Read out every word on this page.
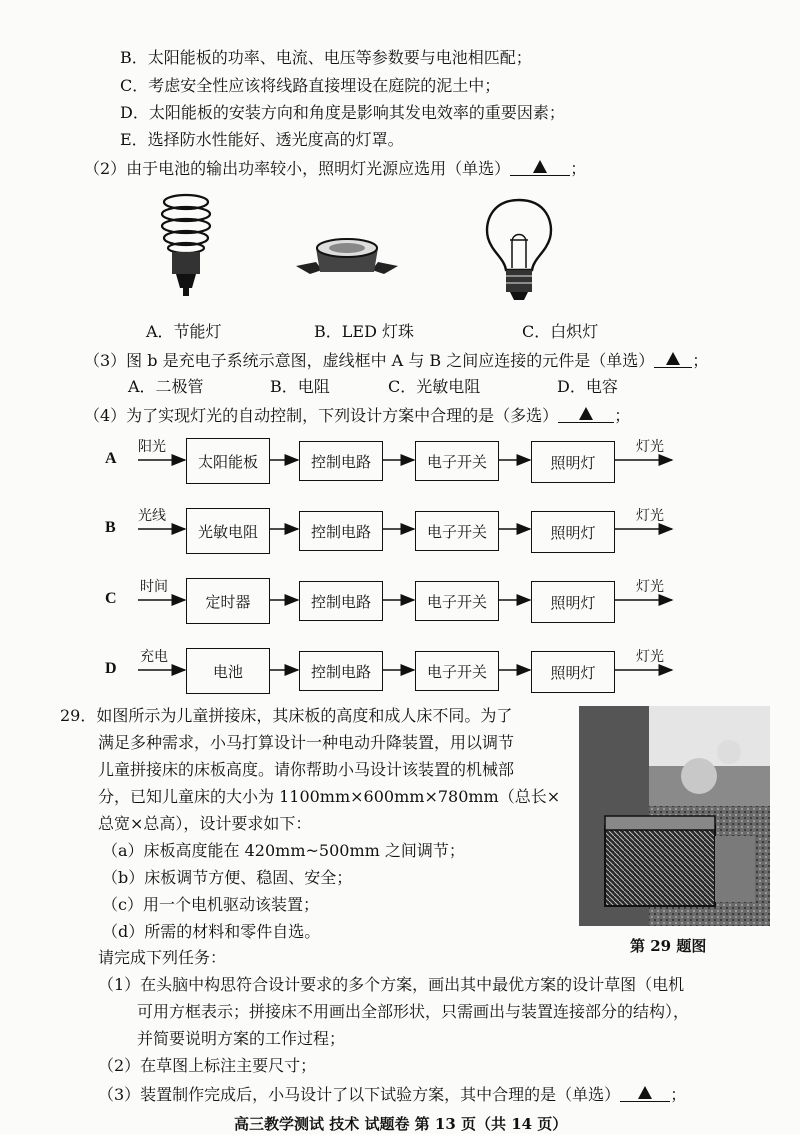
B．太阳能板的功率、电流、电压等参数要与电池相匹配；
C．考虑安全性应该将线路直接埋设在庭院的泥土中；
D．太阳能板的安装方向和角度是影响其发电效率的重要因素；
E．选择防水性能好、透光度高的灯罩。
（2）由于电池的输出功率较小，照明灯光源应选用（单选）	；
A．节能灯	B．LED 灯珠	C．白炽灯
（3）图 b 是充电子系统示意图，虚线框中 A 与 B 之间应连接的元件是（单选） ；
A．二极管	B．电阻	C．光敏电阻	D．电容
（4）为了实现灯光的自动控制，下列设计方案中合理的是（多选）	；
A
阳光
太阳能板	控制电路	电子开关	照明灯
灯光
B
光线
光敏电阻	控制电路	电子开关	照明灯
灯光
C
时间
定时器	控制电路	电子开关	照明灯
灯光
D
充电
电池	控制电路	电子开关	照明灯
灯光
29．如图所示为儿童拼接床，其床板的高度和成人床不同。为了
满足多种需求，小马打算设计一种电动升降装置，用以调节
儿童拼接床的床板高度。请你帮助小马设计该装置的机械部
分，已知儿童床的大小为 1100mm×600mm×780mm（总长×
总宽×总高），设计要求如下：
（a）床板高度能在 420mm~500mm 之间调节；
（b）床板调节方便、稳固、安全；
（c）用一个电机驱动该装置；
（d）所需的材料和零件自选。
请完成下列任务：
（1）在头脑中构思符合设计要求的多个方案，画出其中最优方案的设计草图（电机
可用方框表示；拼接床不用画出全部形状，只需画出与装置连接部分的结构），
并简要说明方案的工作过程；
（2）在草图上标注主要尺寸；
（3）装置制作完成后，小马设计了以下试验方案，其中合理的是（单选）	；
第 29 题图
高三教学测试 技术 试题卷 第 13 页（共 14 页）
